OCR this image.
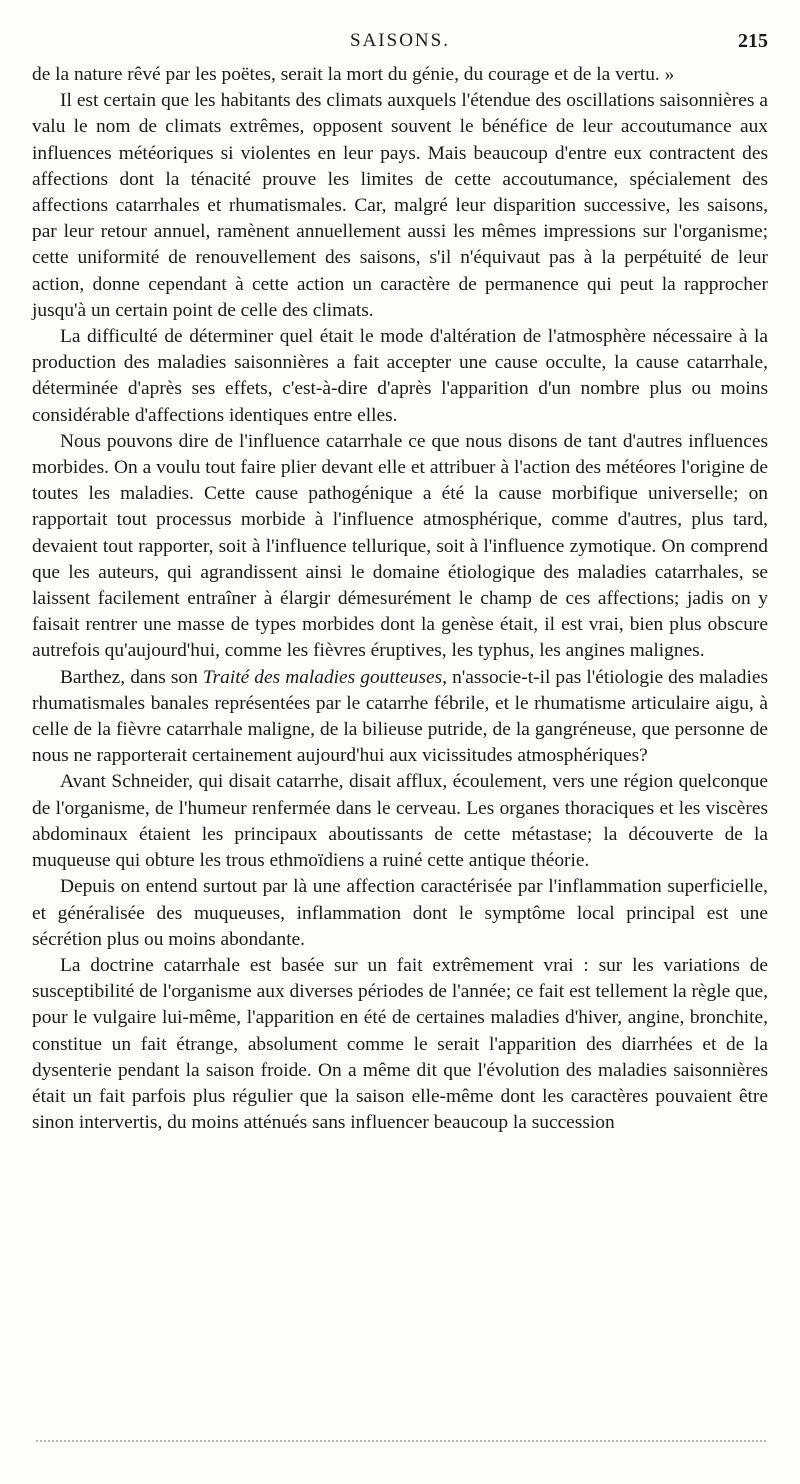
SAISONS.	215

de la nature rêvé par les poëtes, serait la mort du génie, du courage et de la vertu. »

Il est certain que les habitants des climats auxquels l'étendue des oscillations saisonnières a valu le nom de climats extrêmes, opposent souvent le bénéfice de leur accoutumance aux influences météoriques si violentes en leur pays. Mais beaucoup d'entre eux contractent des affections dont la ténacité prouve les limites de cette accoutumance, spécialement des affections catarrhales et rhumatismales. Car, malgré leur disparition successive, les saisons, par leur retour annuel, ramènent annuellement aussi les mêmes impressions sur l'organisme; cette uniformité de renouvellement des saisons, s'il n'équivaut pas à la perpétuité de leur action, donne cependant à cette action un caractère de permanence qui peut la rapprocher jusqu'à un certain point de celle des climats.

La difficulté de déterminer quel était le mode d'altération de l'atmosphère nécessaire à la production des maladies saisonnières a fait accepter une cause occulte, la cause catarrhale, déterminée d'après ses effets, c'est-à-dire d'après l'apparition d'un nombre plus ou moins considérable d'affections identiques entre elles.

Nous pouvons dire de l'influence catarrhale ce que nous disons de tant d'autres influences morbides. On a voulu tout faire plier devant elle et attribuer à l'action des météores l'origine de toutes les maladies. Cette cause pathogénique a été la cause morbifique universelle; on rapportait tout processus morbide à l'influence atmosphérique, comme d'autres, plus tard, devaient tout rapporter, soit à l'influence tellurique, soit à l'influence zymotique. On comprend que les auteurs, qui agrandissent ainsi le domaine étiologique des maladies catarrhales, se laissent facilement entraîner à élargir démesurément le champ de ces affections; jadis on y faisait rentrer une masse de types morbides dont la genèse était, il est vrai, bien plus obscure autrefois qu'aujourd'hui, comme les fièvres éruptives, les typhus, les angines malignes.

Barthez, dans son Traité des maladies goutteuses, n'associe-t-il pas l'étiologie des maladies rhumatismales banales représentées par le catarrhe fébrile, et le rhumatisme articulaire aigu, à celle de la fièvre catarrhale maligne, de la bilieuse putride, de la gangréneuse, que personne de nous ne rapporterait certainement aujourd'hui aux vicissitudes atmosphériques?

Avant Schneider, qui disait catarrhe, disait afflux, écoulement, vers une région quelconque de l'organisme, de l'humeur renfermée dans le cerveau. Les organes thoraciques et les viscères abdominaux étaient les principaux aboutissants de cette métastase; la découverte de la muqueuse qui obture les trous ethmoïdiens a ruiné cette antique théorie.

Depuis on entend surtout par là une affection caractérisée par l'inflammation superficielle, et généralisée des muqueuses, inflammation dont le symptôme local principal est une sécrétion plus ou moins abondante.

La doctrine catarrhale est basée sur un fait extrêmement vrai : sur les variations de susceptibilité de l'organisme aux diverses périodes de l'année; ce fait est tellement la règle que, pour le vulgaire lui-même, l'apparition en été de certaines maladies d'hiver, angine, bronchite, constitue un fait étrange, absolument comme le serait l'apparition des diarrhées et de la dysenterie pendant la saison froide. On a même dit que l'évolution des maladies saisonnières était un fait parfois plus régulier que la saison elle-même dont les caractères pouvaient être sinon intervertis, du moins atténués sans influencer beaucoup la succession
